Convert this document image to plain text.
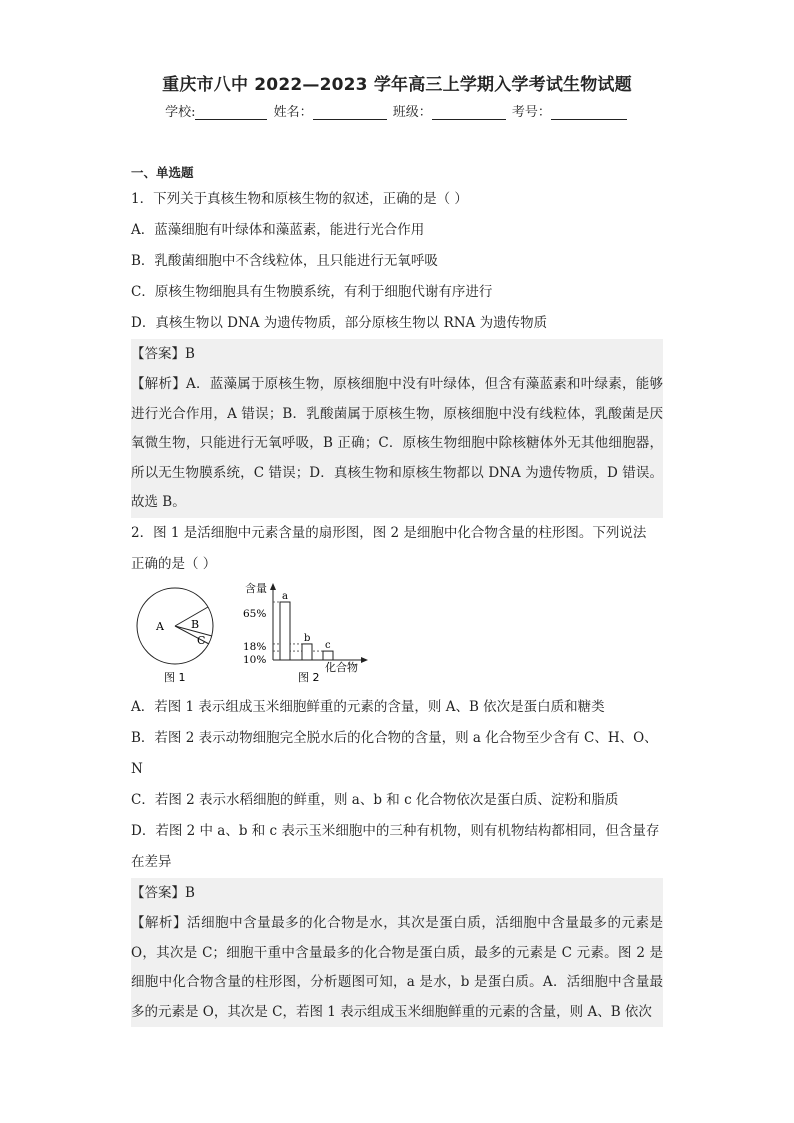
重庆市八中 2022—2023 学年高三上学期入学考试生物试题
学校:	姓名：	班级：	考号：
一、单选题
1．下列关于真核生物和原核生物的叙述，正确的是（ ）
A．蓝藻细胞有叶绿体和藻蓝素，能进行光合作用
B．乳酸菌细胞中不含线粒体，且只能进行无氧呼吸
C．原核生物细胞具有生物膜系统，有利于细胞代谢有序进行
D．真核生物以 DNA 为遗传物质，部分原核生物以 RNA 为遗传物质
【答案】B
【解析】A．蓝藻属于原核生物，原核细胞中没有叶绿体，但含有藻蓝素和叶绿素，能够进行光合作用，A 错误；B．乳酸菌属于原核生物，原核细胞中没有线粒体，乳酸菌是厌氧微生物，只能进行无氧呼吸，B 正确；C．原核生物细胞中除核糖体外无其他细胞器，所以无生物膜系统，C 错误；D．真核生物和原核生物都以 DNA 为遗传物质，D 错误。故选 B。
2．图 1 是活细胞中元素含量的扇形图，图 2 是细胞中化合物含量的柱形图。下列说法
正确的是（ ）
A B
C
图 1
含量
65%
18%
10%
a
b
c
化合物
图 2
A．若图 1 表示组成玉米细胞鲜重的元素的含量，则 A、B 依次是蛋白质和糖类
B．若图 2 表示动物细胞完全脱水后的化合物的含量，则 a 化合物至少含有 C、H、O、
N
C．若图 2 表示水稻细胞的鲜重，则 a、b 和 c 化合物依次是蛋白质、淀粉和脂质
D．若图 2 中 a、b 和 c 表示玉米细胞中的三种有机物，则有机物结构都相同，但含量存
在差异
【答案】B
【解析】活细胞中含量最多的化合物是水，其次是蛋白质，活细胞中含量最多的元素是 O，其次是 C；细胞干重中含量最多的化合物是蛋白质，最多的元素是 C 元素。图 2 是细胞中化合物含量的柱形图，分析题图可知，a 是水，b 是蛋白质。A．活细胞中含量最多的元素是 O，其次是 C，若图 1 表示组成玉米细胞鲜重的元素的含量，则 A、B 依次
